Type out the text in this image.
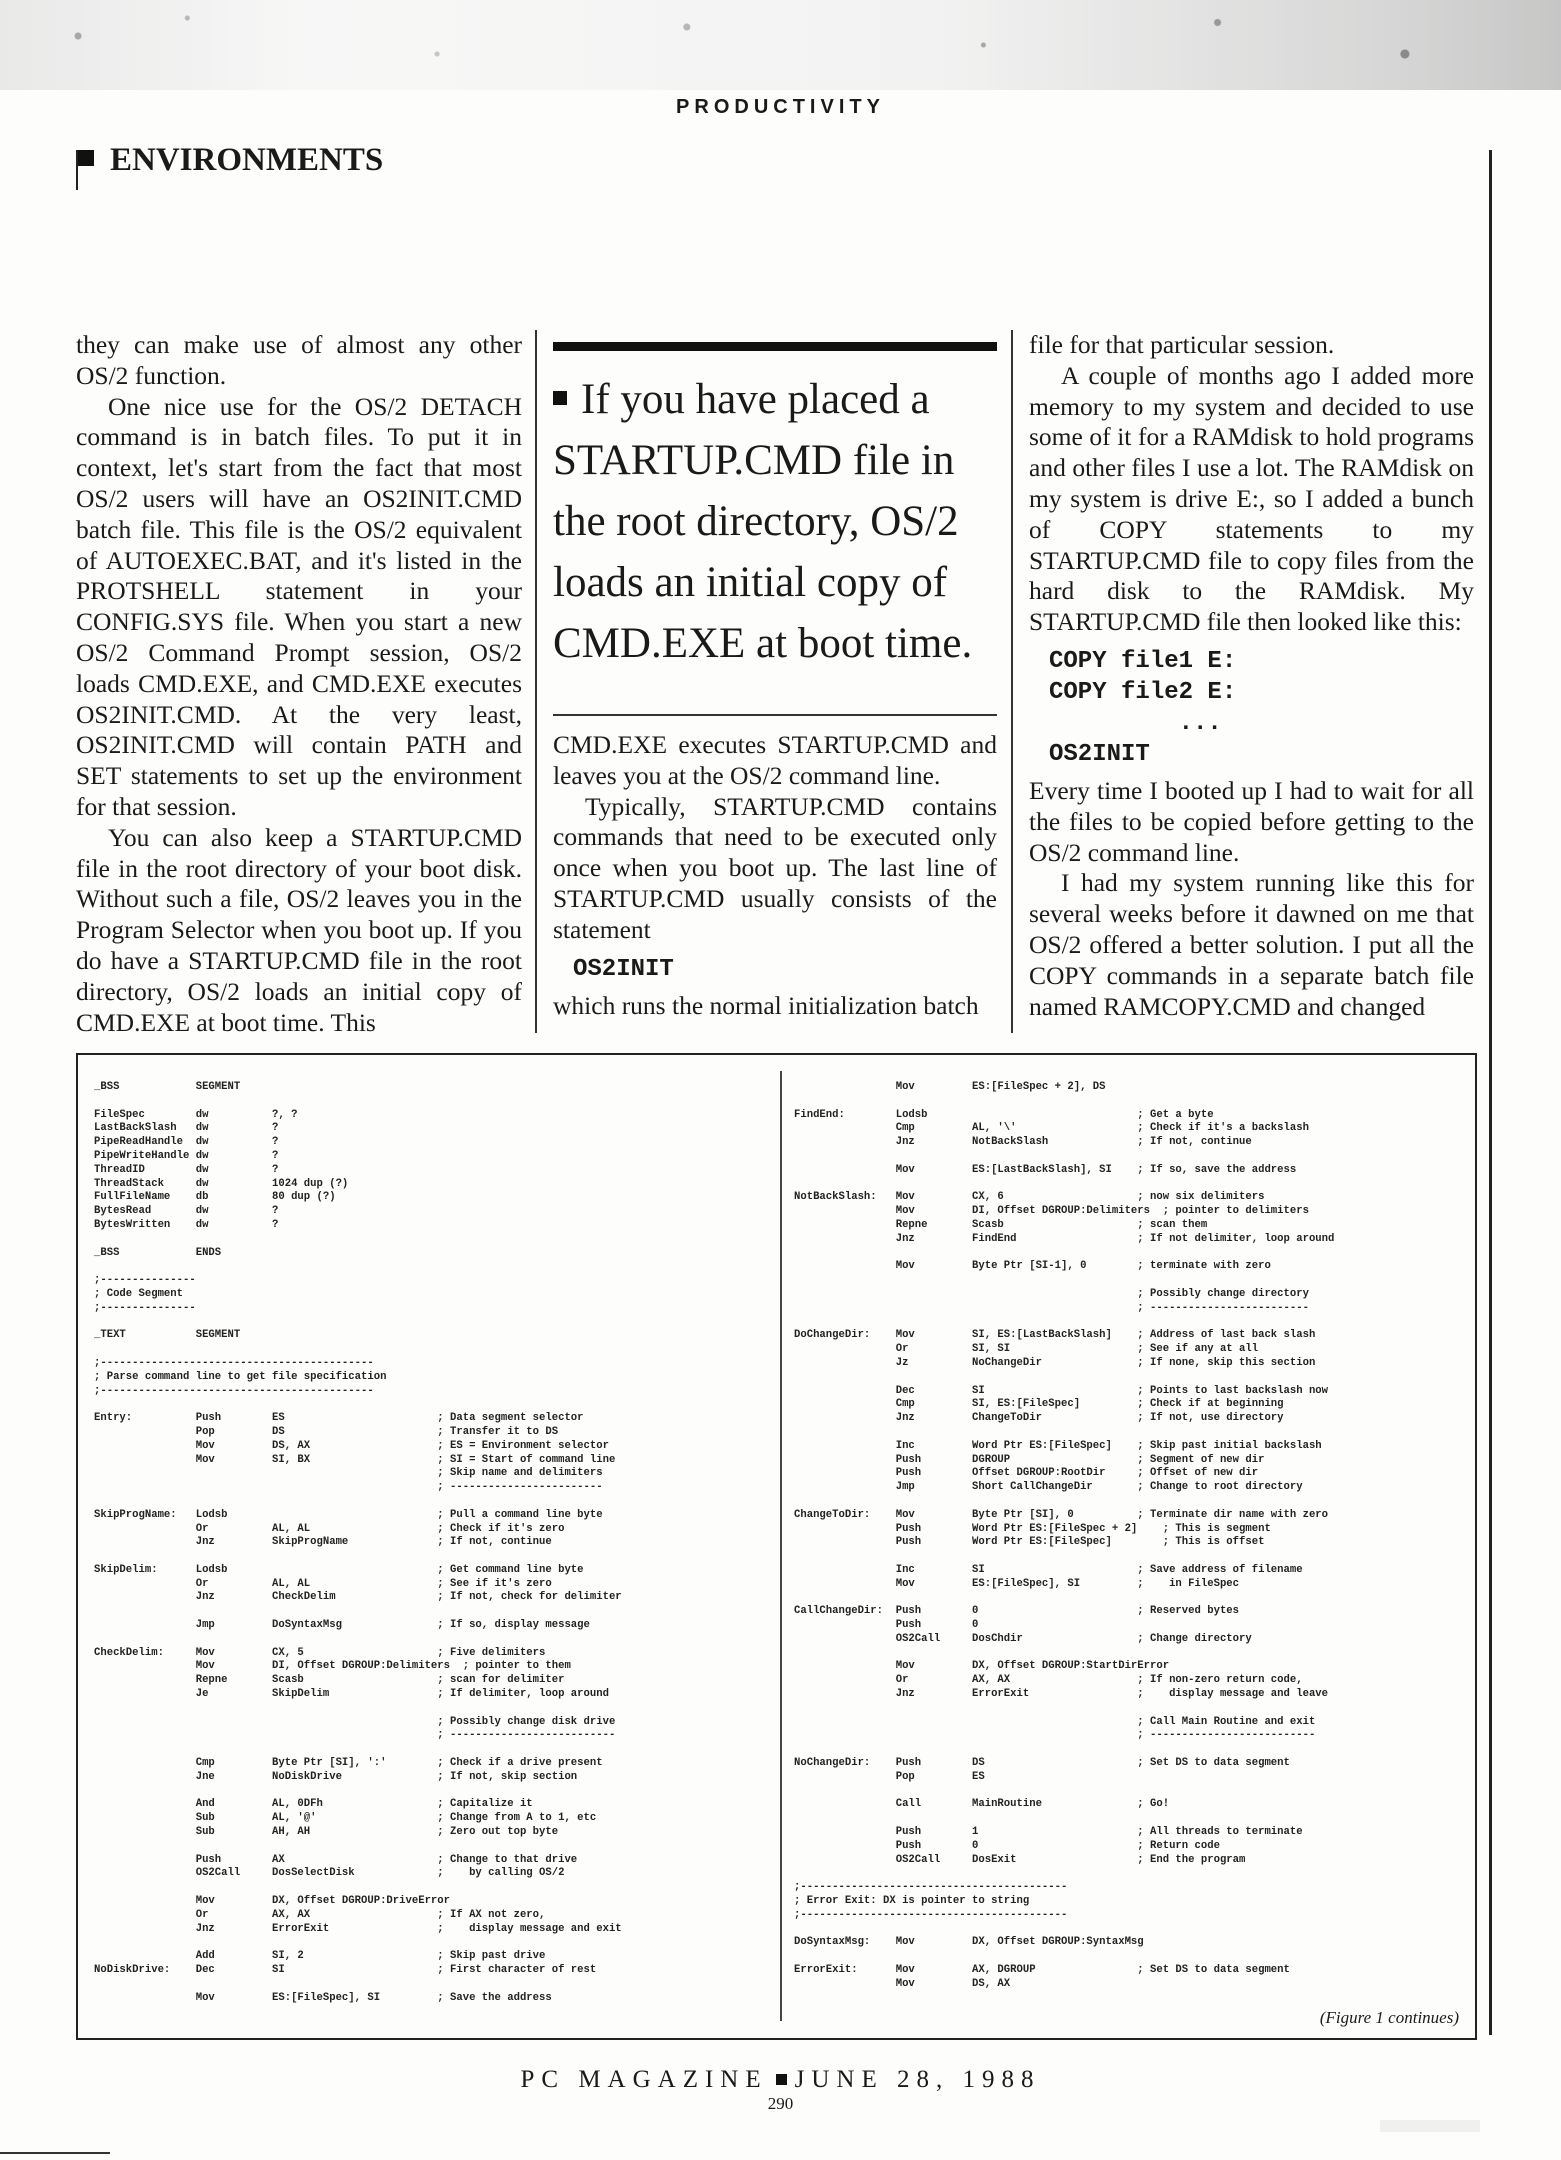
PRODUCTIVITY
ENVIRONMENTS

they can make use of almost any other OS/2 function.

One nice use for the OS/2 DETACH command is in batch files. To put it in context, let's start from the fact that most OS/2 users will have an OS2INIT.CMD batch file. This file is the OS/2 equivalent of AUTOEXEC.BAT, and it's listed in the PROTSHELL statement in your CONFIG.SYS file. When you start a new OS/2 Command Prompt session, OS/2 loads CMD.EXE, and CMD.EXE executes OS2INIT.CMD. At the very least, OS2INIT.CMD will contain PATH and SET statements to set up the environment for that session.

You can also keep a STARTUP.CMD file in the root directory of your boot disk. Without such a file, OS/2 leaves you in the Program Selector when you boot up. If you do have a STARTUP.CMD file in the root directory, OS/2 loads an initial copy of CMD.EXE at boot time. This

If you have placed a STARTUP.CMD file in the root directory, OS/2 loads an initial copy of CMD.EXE at boot time.

CMD.EXE executes STARTUP.CMD and leaves you at the OS/2 command line.

Typically, STARTUP.CMD contains commands that need to be executed only once when you boot up. The last line of STARTUP.CMD usually consists of the statement

OS2INIT

which runs the normal initialization batch

file for that particular session.

A couple of months ago I added more memory to my system and decided to use some of it for a RAMdisk to hold programs and other files I use a lot. The RAMdisk on my system is drive E:, so I added a bunch of COPY statements to my STARTUP.CMD file to copy files from the hard disk to the RAMdisk. My STARTUP.CMD file then looked like this:

COPY file1 E:
COPY file2 E:
...
OS2INIT

Every time I booted up I had to wait for all the files to be copied before getting to the OS/2 command line.

I had my system running like this for several weeks before it dawned on me that OS/2 offered a better solution. I put all the COPY commands in a separate batch file named RAMCOPY.CMD and changed

_BSS            SEGMENT

FileSpec        dw          ?, ?
LastBackSlash   dw          ?
PipeReadHandle  dw          ?
PipeWriteHandle dw          ?
ThreadID        dw          ?
ThreadStack     dw          1024 dup (?)
FullFileName    db          80 dup (?)
BytesRead       dw          ?
BytesWritten    dw          ?

_BSS            ENDS

;---------------
; Code Segment
;---------------

_TEXT           SEGMENT

;-------------------------------------------
; Parse command line to get file specification
;-------------------------------------------

Entry:          Push        ES                        ; Data segment selector
Pop         DS                        ; Transfer it to DS
Mov         DS, AX                    ; ES = Environment selector
Mov         SI, BX                    ; SI = Start of command line
; Skip name and delimiters
; ------------------------

SkipProgName:   Lodsb                                 ; Pull a command line byte
Or          AL, AL                    ; Check if it's zero
Jnz         SkipProgName              ; If not, continue

SkipDelim:      Lodsb                                 ; Get command line byte
Or          AL, AL                    ; See if it's zero
Jnz         CheckDelim                ; If not, check for delimiter

Jmp         DoSyntaxMsg               ; If so, display message

CheckDelim:     Mov         CX, 5                     ; Five delimiters
Mov         DI, Offset DGROUP:Delimiters  ; pointer to them
Repne       Scasb                     ; scan for delimiter
Je          SkipDelim                 ; If delimiter, loop around

; Possibly change disk drive
; --------------------------

Cmp         Byte Ptr [SI], ':'        ; Check if a drive present
Jne         NoDiskDrive               ; If not, skip section

And         AL, 0DFh                  ; Capitalize it
Sub         AL, '@'                   ; Change from A to 1, etc
Sub         AH, AH                    ; Zero out top byte

Push        AX                        ; Change to that drive
OS2Call     DosSelectDisk             ;    by calling OS/2

Mov         DX, Offset DGROUP:DriveError
Or          AX, AX                    ; If AX not zero,
Jnz         ErrorExit                 ;    display message and exit

Add         SI, 2                     ; Skip past drive
NoDiskDrive:    Dec         SI                        ; First character of rest

Mov         ES:[FileSpec], SI         ; Save the address
Mov         ES:[FileSpec + 2], DS

FindEnd:        Lodsb                                 ; Get a byte
Cmp         AL, '\'                   ; Check if it's a backslash
Jnz         NotBackSlash              ; If not, continue

Mov         ES:[LastBackSlash], SI    ; If so, save the address

NotBackSlash:   Mov         CX, 6                     ; now six delimiters
Mov         DI, Offset DGROUP:Delimiters  ; pointer to delimiters
Repne       Scasb                     ; scan them
Jnz         FindEnd                   ; If not delimiter, loop around

Mov         Byte Ptr [SI-1], 0        ; terminate with zero

; Possibly change directory
; -------------------------

DoChangeDir:    Mov         SI, ES:[LastBackSlash]    ; Address of last back slash
Or          SI, SI                    ; See if any at all
Jz          NoChangeDir               ; If none, skip this section

Dec         SI                        ; Points to last backslash now
Cmp         SI, ES:[FileSpec]         ; Check if at beginning
Jnz         ChangeToDir               ; If not, use directory

Inc         Word Ptr ES:[FileSpec]    ; Skip past initial backslash
Push        DGROUP                    ; Segment of new dir
Push        Offset DGROUP:RootDir     ; Offset of new dir
Jmp         Short CallChangeDir       ; Change to root directory

ChangeToDir:    Mov         Byte Ptr [SI], 0          ; Terminate dir name with zero
Push        Word Ptr ES:[FileSpec + 2]    ; This is segment
Push        Word Ptr ES:[FileSpec]        ; This is offset

Inc         SI                        ; Save address of filename
Mov         ES:[FileSpec], SI         ;    in FileSpec

CallChangeDir:  Push        0                         ; Reserved bytes
Push        0
OS2Call     DosChdir                  ; Change directory

Mov         DX, Offset DGROUP:StartDirError
Or          AX, AX                    ; If non-zero return code,
Jnz         ErrorExit                 ;    display message and leave

; Call Main Routine and exit
; --------------------------

NoChangeDir:    Push        DS                        ; Set DS to data segment
Pop         ES

Call        MainRoutine               ; Go!

Push        1                         ; All threads to terminate
Push        0                         ; Return code
OS2Call     DosExit                   ; End the program

;------------------------------------------
; Error Exit: DX is pointer to string
;------------------------------------------

DoSyntaxMsg:    Mov         DX, Offset DGROUP:SyntaxMsg

ErrorExit:      Mov         AX, DGROUP                ; Set DS to data segment
Mov         DS, AX
(Figure 1 continues)
PC MAGAZINE JUNE 28, 1988
290
